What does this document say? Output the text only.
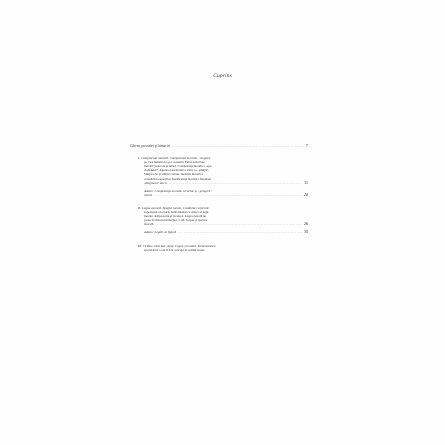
Cuprins
Câteva precizări şi lămuriri .....	7
I. Competenţa morală. Competenţa morală – singura
pe care nimeni nu şi-o contestă. Falsa autoritate
morală: judecata şi falsul. Competenţa morală a „spe-
cialistului”. Agonia paradoxală a eticii ca „ştiinţă”.
Simţul etic şi simţul comun. Inelenţa morală a
consultării experţilor. Insuficienţa morală a fenomen
„migrarea” eticii .....	11
Adaos: Competenţa morală, ierarhie şi „progres”
moral .....	20
II. Legea morală. Spaţiul moral. Conduita ca formă
superioară a locuirii. Individualul ca obiect al legii
morale. Adiposteria şi locuirea. Legea morală nu
poate fi obiectul inducţiei. J.-M. Guyau şi ipoteza
morală .....	26
Adaos: Legile ca figură .....	35
III. Ordine, libertate, timp. Legea şi modul. Dimensiunea
speculativă a eticii. Un concept al ordinii totale.
